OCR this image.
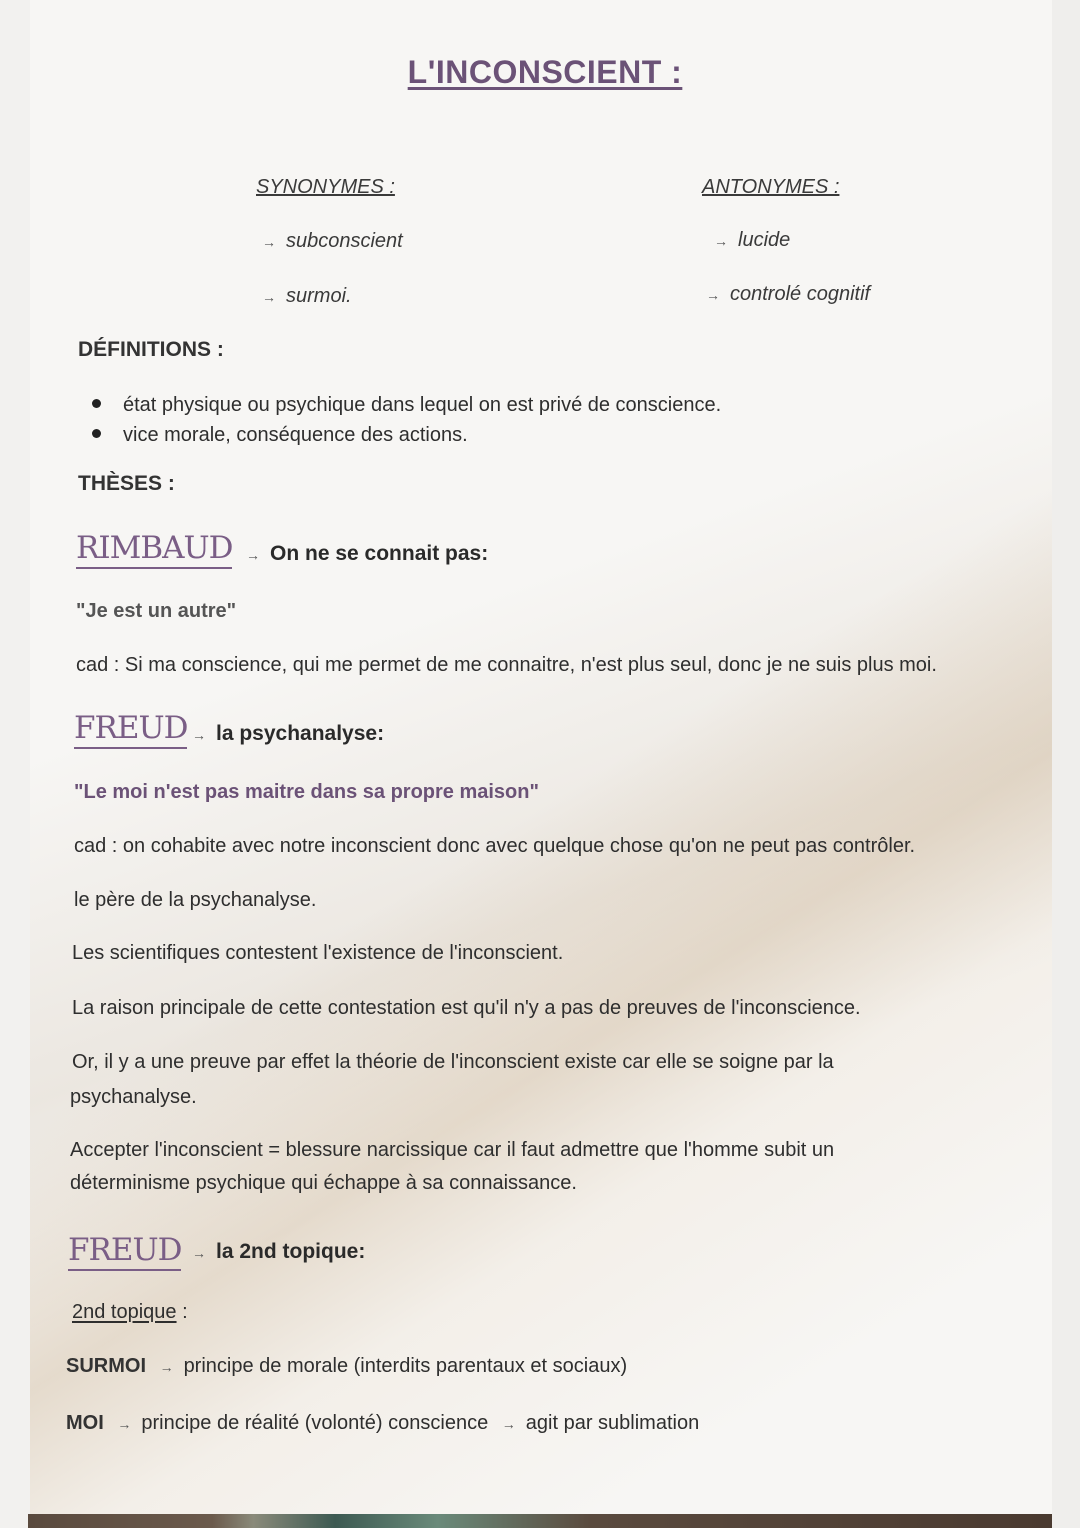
L'INCONSCIENT :
SYNONYMES :
→ subconscient
→ surmoi.
ANTONYMES :
→ lucide
→ controlé cognitif
DÉFINITIONS :
état physique ou psychique dans lequel on est privé de conscience.
vice morale, conséquence des actions.
THÈSES :
RIMBAUD → On ne se connait pas:
"Je est un autre"
cad : Si ma conscience, qui me permet de me connaitre, n'est plus seul, donc je ne suis plus moi.
FREUD → la psychanalyse:
"Le moi n'est pas maitre dans sa propre maison"
cad : on cohabite avec notre inconscient donc avec quelque chose qu'on ne peut pas contrôler.
le père de la psychanalyse.
Les scientifiques contestent l'existence de l'inconscient.
La raison principale de cette contestation est qu'il n'y a pas de preuves de l'inconscience.
Or, il y a une preuve par effet la théorie de l'inconscient existe car elle se soigne par la
psychanalyse.
Accepter l'inconscient = blessure narcissique car il faut admettre que l'homme subit un
déterminisme psychique qui échappe à sa connaissance.
FREUD → la 2nd topique:
2nd topique :
SURMOI → principe de morale (interdits parentaux et sociaux)
MOI → principe de réalité (volonté) conscience → agit par sublimation
